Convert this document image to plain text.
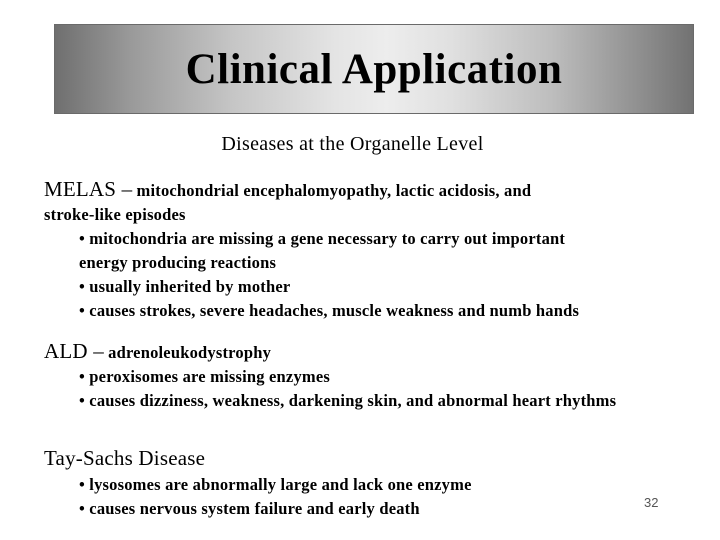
Clinical Application
Diseases at the Organelle Level
MELAS – mitochondrial encephalomyopathy, lactic acidosis, and
stroke-like episodes
• mitochondria are missing a gene necessary to carry out important
energy producing reactions
• usually inherited by mother
• causes strokes, severe headaches, muscle weakness and numb hands
ALD – adrenoleukodystrophy
• peroxisomes are missing enzymes
• causes dizziness, weakness, darkening skin, and abnormal heart rhythms
Tay-Sachs Disease
• lysosomes are abnormally large and lack one enzyme
• causes nervous system failure and early death	32
